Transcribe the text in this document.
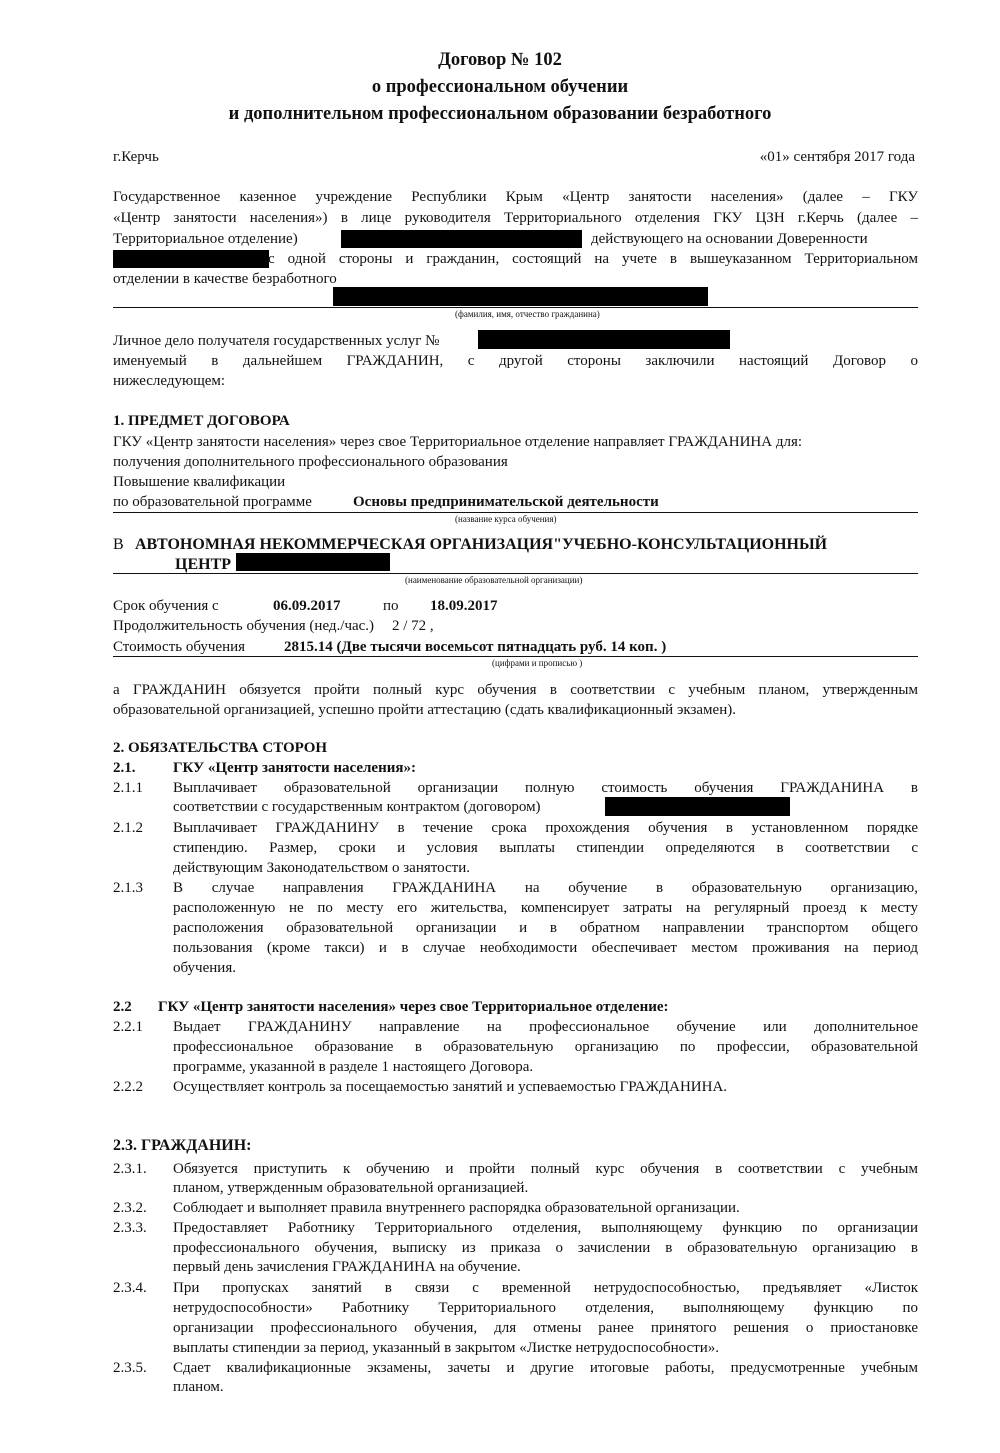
Договор № 102
о профессиональном обучении
и дополнительном профессиональном образовании безработного
г.Керчь	«01» сентября 2017 года
Государственное казенное учреждение Республики Крым «Центр занятости населения» (далее – ГКУ
«Центр занятости населения») в лице руководителя Территориального отделения ГКУ ЦЗН г.Керчь (далее –
Территориальное отделение)	действующего на основании Доверенности
с одной стороны и гражданин, состоящий на учете в вышеуказанном Территориальном
отделении в качестве безработного
(фамилия, имя, отчество гражданина)
Личное дело получателя государственных услуг №
именуемый в дальнейшем ГРАЖДАНИН, с другой стороны заключили настоящий Договор о
нижеследующем:
1. ПРЕДМЕТ ДОГОВОРА
ГКУ «Центр занятости населения» через свое Территориальное отделение направляет ГРАЖДАНИНА для:
получения дополнительного профессионального образования
Повышение квалификации
по образовательной программе	Основы предпринимательской деятельности
(название курса обучения)
В АВТОНОМНАЯ НЕКОММЕРЧЕСКАЯ ОРГАНИЗАЦИЯ"УЧЕБНО-КОНСУЛЬТАЦИОННЫЙ
ЦЕНТР
(наименование образовательной организации)
Срок обучения с	06.09.2017	по 18.09.2017
Продолжительность обучения (нед./час.) 2 / 72 ,
Стоимость обучения	2815.14 (Две тысячи восемьсот пятнадцать руб. 14 коп. )
(цифрами и прописью )
а ГРАЖДАНИН обязуется пройти полный курс обучения в соответствии с учебным планом, утвержденным
образовательной организацией, успешно пройти аттестацию (сдать квалификационный экзамен).
2. ОБЯЗАТЕЛЬСТВА СТОРОН
2.1.	ГКУ «Центр занятости населения»:
2.1.1 Выплачивает образовательной организации полную стоимость обучения ГРАЖДАНИНА в
соответствии с государственным контрактом (договором)
2.1.2 Выплачивает ГРАЖДАНИНУ в течение срока прохождения обучения в установленном порядке
стипендию. Размер, сроки и условия выплаты стипендии определяются в соответствии с
действующим Законодательством о занятости.
2.1.3 В случае направления ГРАЖДАНИНА на обучение в образовательную организацию,
расположенную не по месту его жительства, компенсирует затраты на регулярный проезд к месту
расположения образовательной организации и в обратном направлении транспортом общего
пользования (кроме такси) и в случае необходимости обеспечивает местом проживания на период
обучения.
2.2 ГКУ «Центр занятости населения» через свое Территориальное отделение:
2.2.1 Выдает ГРАЖДАНИНУ направление на профессиональное обучение или дополнительное
профессиональное образование в образовательную организацию по профессии, образовательной
программе, указанной в разделе 1 настоящего Договора.
2.2.2 Осуществляет контроль за посещаемостью занятий и успеваемостью ГРАЖДАНИНА.
2.3. ГРАЖДАНИН:
2.3.1. Обязуется приступить к обучению и пройти полный курс обучения в соответствии с учебным
планом, утвержденным образовательной организацией.
2.3.2. Соблюдает и выполняет правила внутреннего распорядка образовательной организации.
2.3.3. Предоставляет Работнику Территориального отделения, выполняющему функцию по организации
профессионального обучения, выписку из приказа о зачислении в образовательную организацию в
первый день зачисления ГРАЖДАНИНА на обучение.
2.3.4. При пропусках занятий в связи с временной нетрудоспособностью, предъявляет «Листок
нетрудоспособности» Работнику Территориального отделения, выполняющему функцию по
организации профессионального обучения, для отмены ранее принятого решения о приостановке
выплаты стипендии за период, указанный в закрытом «Листке нетрудоспособности».
2.3.5. Сдает квалификационные экзамены, зачеты и другие итоговые работы, предусмотренные учебным
планом.
